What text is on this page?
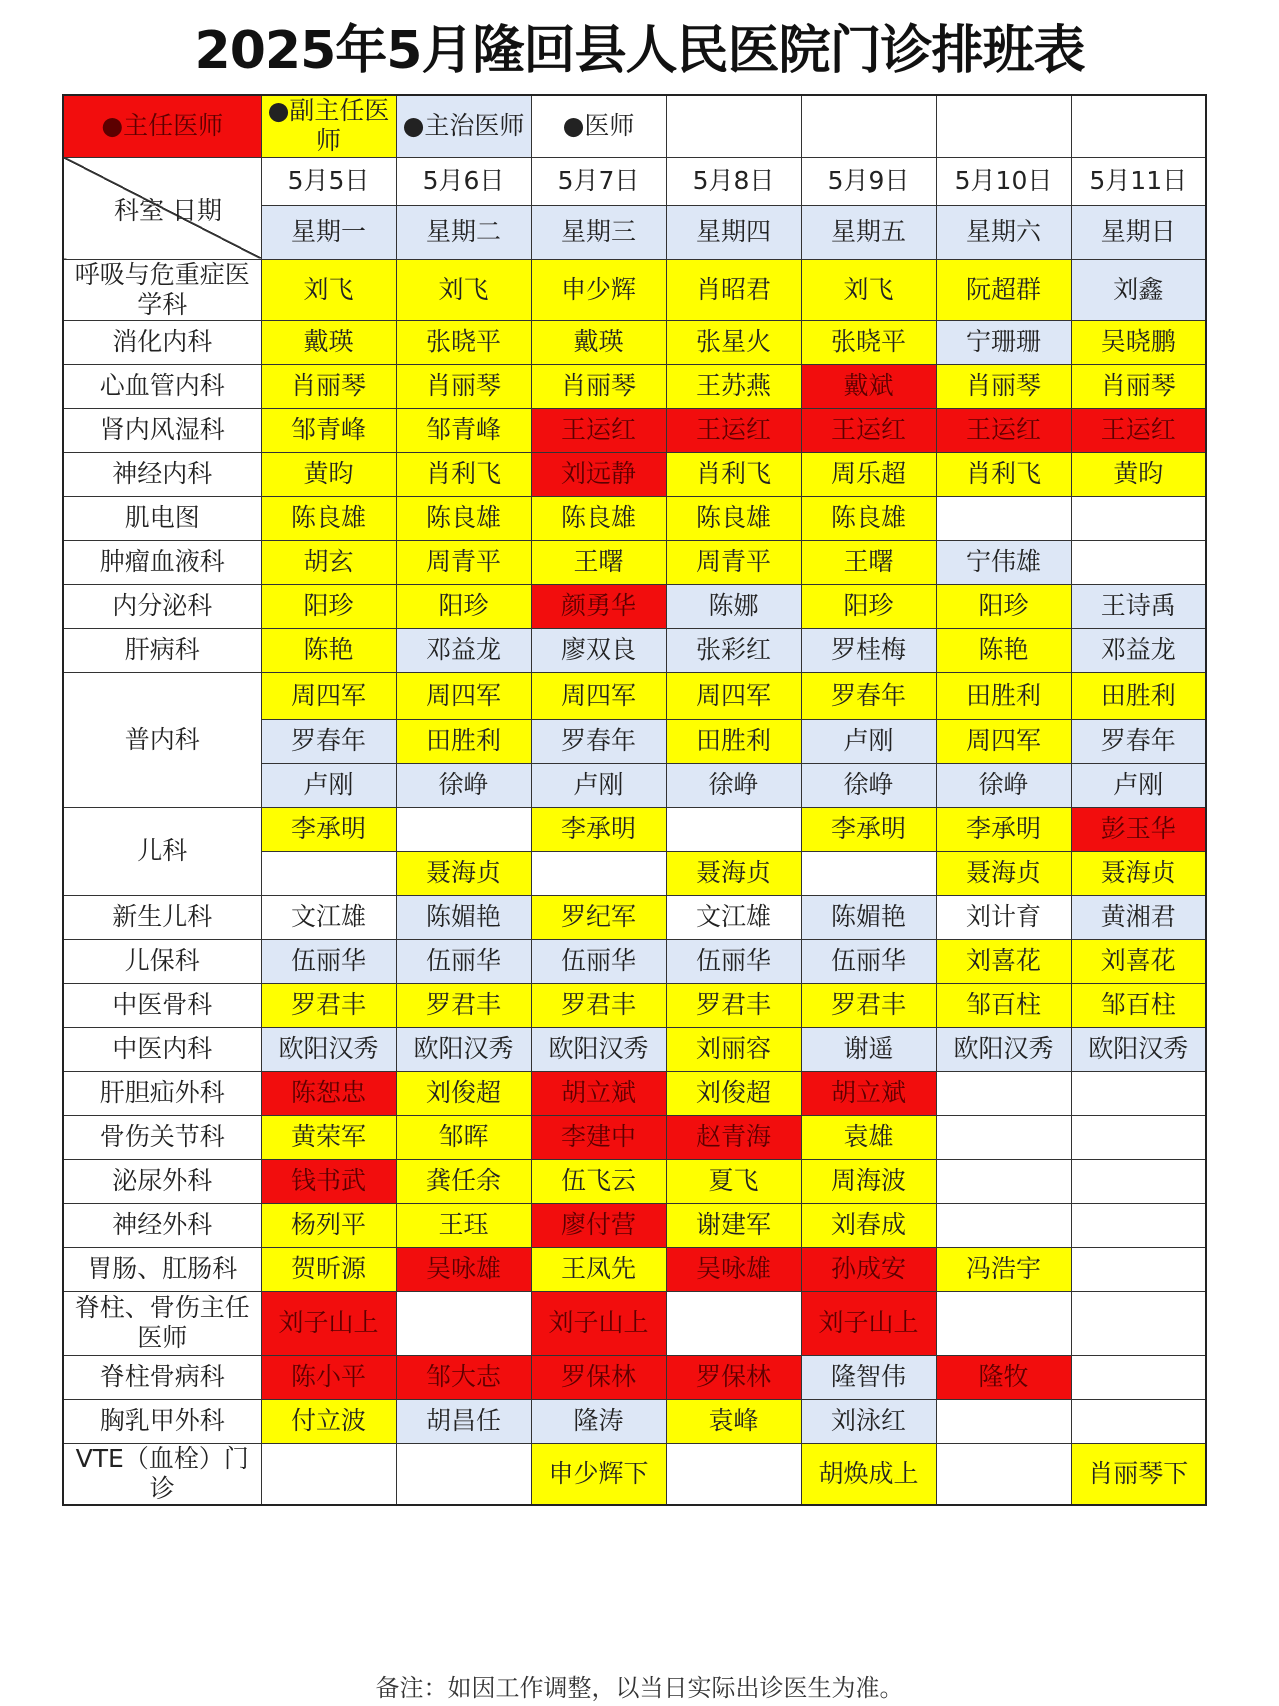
2025年5月隆回县人民医院门诊排班表
●主任医师	●副主任医师	●主治医师	●医师				

科室 日期	5月5日	5月6日	5月7日	5月8日	5月9日	5月10日	5月11日
	星期一	星期二	星期三	星期四	星期五	星期六	星期日
呼吸与危重症医学科	刘飞	刘飞	申少辉	肖昭君	刘飞	阮超群	刘鑫
消化内科	戴瑛	张晓平	戴瑛	张星火	张晓平	宁珊珊	吴晓鹏
心血管内科	肖丽琴	肖丽琴	肖丽琴	王苏燕	戴斌	肖丽琴	肖丽琴
肾内风湿科	邹青峰	邹青峰	王运红	王运红	王运红	王运红	王运红
神经内科	黄昀	肖利飞	刘远静	肖利飞	周乐超	肖利飞	黄昀
肌电图	陈良雄	陈良雄	陈良雄	陈良雄	陈良雄		
肿瘤血液科	胡玄	周青平	王曙	周青平	王曙	宁伟雄	
内分泌科	阳珍	阳珍	颜勇华	陈娜	阳珍	阳珍	王诗禹
肝病科	陈艳	邓益龙	廖双良	张彩红	罗桂梅	陈艳	邓益龙
普内科	周四军	周四军	周四军	周四军	罗春年	田胜利	田胜利
	罗春年	田胜利	罗春年	田胜利	卢刚	周四军	罗春年
	卢刚	徐峥	卢刚	徐峥	徐峥	徐峥	卢刚
儿科	李承明		李承明		李承明	李承明	彭玉华
		聂海贞		聂海贞		聂海贞	聂海贞
新生儿科	文江雄	陈媚艳	罗纪军	文江雄	陈媚艳	刘计育	黄湘君
儿保科	伍丽华	伍丽华	伍丽华	伍丽华	伍丽华	刘喜花	刘喜花
中医骨科	罗君丰	罗君丰	罗君丰	罗君丰	罗君丰	邹百柱	邹百柱
中医内科	欧阳汉秀	欧阳汉秀	欧阳汉秀	刘丽容	谢遥	欧阳汉秀	欧阳汉秀
肝胆疝外科	陈恕忠	刘俊超	胡立斌	刘俊超	胡立斌		
骨伤关节科	黄荣军	邹晖	李建中	赵青海	袁雄		
泌尿外科	钱书武	龚任余	伍飞云	夏飞	周海波		
神经外科	杨列平	王珏	廖付营	谢建军	刘春成		
胃肠、肛肠科	贺昕源	吴咏雄	王凤先	吴咏雄	孙成安	冯浩宇	
脊柱、骨伤主任医师	刘子山上		刘子山上		刘子山上		
脊柱骨病科	陈小平	邹大志	罗保林	罗保林	隆智伟	隆牧	
胸乳甲外科	付立波	胡昌任	隆涛	袁峰	刘泳红		
VTE（血栓）门诊			申少辉下		胡焕成上		肖丽琴下
备注：如因工作调整，以当日实际出诊医生为准。
